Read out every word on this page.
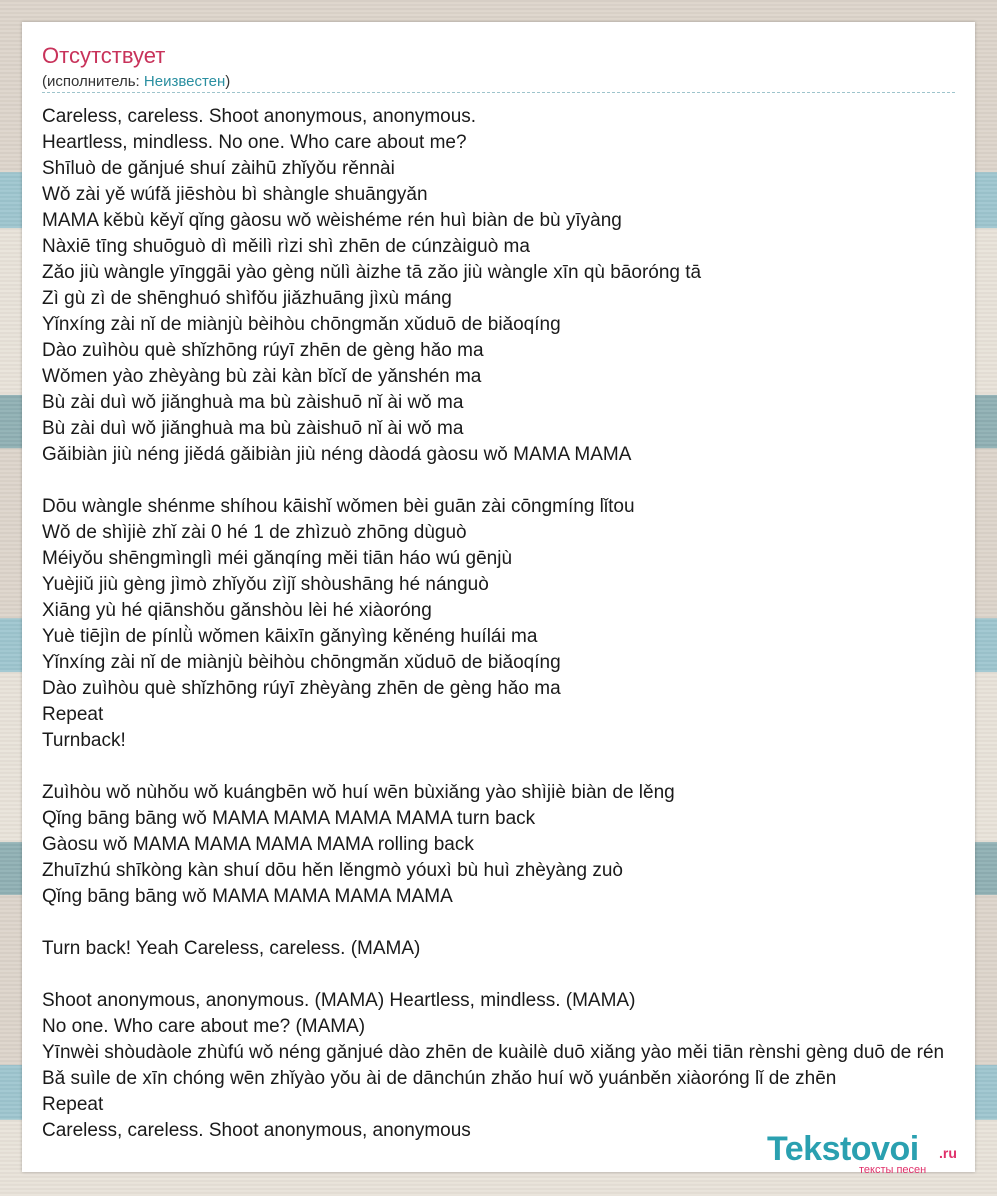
Отсутствует
(исполнитель: Неизвестен)
Careless, careless. Shoot anonymous, anonymous.
Heartless, mindless. No one. Who care about me?
Shīluò de gǎnjué shuí zàihū zhǐyǒu rěnnài
Wǒ zài yě wúfǎ jiēshòu bì shàngle shuāngyǎn
MAMA kěbù kěyǐ qǐng gàosu wǒ wèishéme rén huì biàn de bù yīyàng
Nàxiē tīng shuōguò dì měilì rìzi shì zhēn de cúnzàiguò ma
Zǎo jiù wàngle yīnggāi yào gèng nǔlì àizhe tā zǎo jiù wàngle xīn qù bāoróng tā
Zì gù zì de shēnghuó shìfǒu jiǎzhuāng jìxù máng
Yǐnxíng zài nǐ de miànjù bèihòu chōngmǎn xǔduō de biǎoqíng
Dào zuìhòu què shǐzhōng rúyī zhēn de gèng hǎo ma
Wǒmen yào zhèyàng bù zài kàn bǐcǐ de yǎnshén ma
Bù zài duì wǒ jiǎnghuà ma bù zàishuō nǐ ài wǒ ma
Bù zài duì wǒ jiǎnghuà ma bù zàishuō nǐ ài wǒ ma
Gǎibiàn jiù néng jiědá gǎibiàn jiù néng dàodá gàosu wǒ MAMA MAMA
Dōu wàngle shénme shíhou kāishǐ wǒmen bèi guān zài cōngmíng lǐtou
Wǒ de shìjiè zhǐ zài 0 hé 1 de zhìzuò zhōng dùguò
Méiyǒu shēngmìnglì méi gǎnqíng měi tiān háo wú gēnjù
Yuèjiǔ jiù gèng jìmò zhǐyǒu zìjǐ shòushāng hé nánguò
Xiāng yù hé qiānshǒu gǎnshòu lèi hé xiàoróng
Yuè tiējìn de pínlǜ wǒmen kāixīn gǎnyìng kěnéng huílái ma
Yǐnxíng zài nǐ de miànjù bèihòu chōngmǎn xǔduō de biǎoqíng
Dào zuìhòu què shǐzhōng rúyī zhèyàng zhēn de gèng hǎo ma
Repeat
Turnback!
Zuìhòu wǒ nùhǒu wǒ kuángbēn wǒ huí wēn bùxiǎng yào shìjiè biàn de lěng
Qǐng bāng bāng wǒ MAMA MAMA MAMA MAMA turn back
Gàosu wǒ MAMA MAMA MAMA MAMA rolling back
Zhuīzhú shīkòng kàn shuí dōu hěn lěngmò yóuxì bù huì zhèyàng zuò
Qǐng bāng bāng wǒ MAMA MAMA MAMA MAMA
Turn back! Yeah Careless, careless. (MAMA)
Shoot anonymous, anonymous. (MAMA) Heartless, mindless. (MAMA)
No one. Who care about me? (MAMA)
Yīnwèi shòudàole zhùfú wǒ néng gǎnjué dào zhēn de kuàilè duō xiǎng yào měi tiān rènshi gèng duō de rén
Bǎ suìle de xīn chóng wēn zhǐyào yǒu ài de dānchún zhǎo huí wǒ yuánběn xiàoróng lǐ de zhēn
Repeat
Careless, careless. Shoot anonymous, anonymous	Tekstovoi .ru
тексты песен
